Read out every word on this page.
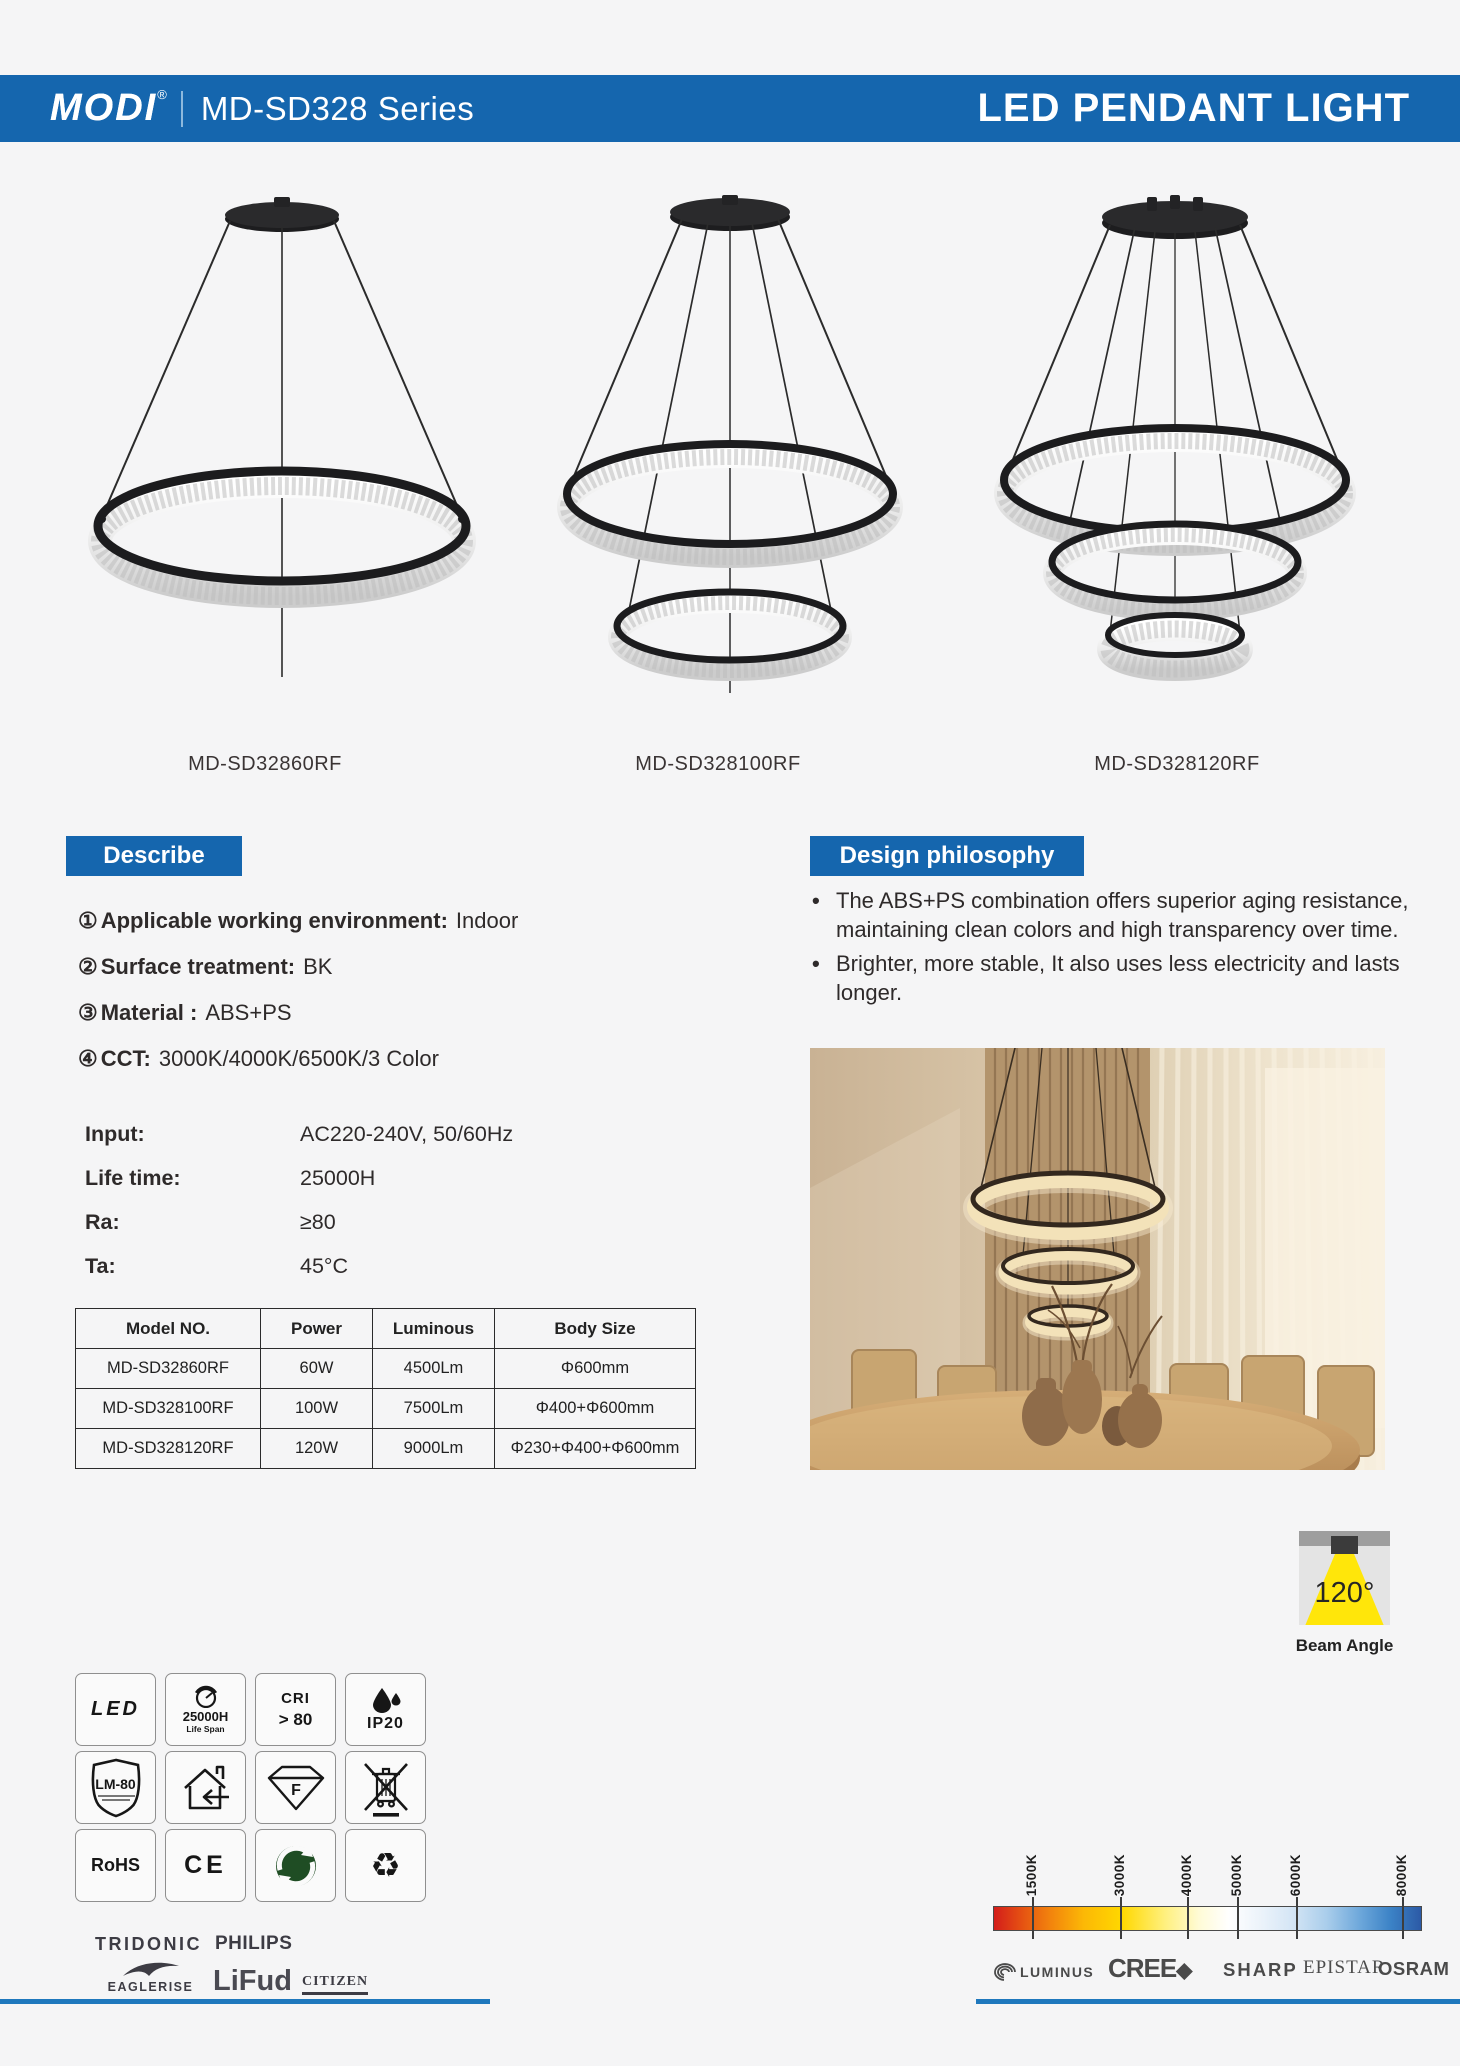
MODI ® MD-SD328 Series	LED PENDANT LIGHT
MD-SD32860RF	MD-SD328100RF	MD-SD328120RF
Describe
① Applicable working environment: Indoor
② Surface treatment: BK
③ Material : ABS+PS
④ CCT: 3000K/4000K/6500K/3 Color
Design philosophy
• The ABS+PS combination offers superior aging resistance, maintaining clean colors and high transparency over time.
• Brighter, more stable, It also uses less electricity and lasts longer.
Input:	AC220-240V, 50/60Hz
Life time:	25000H
Ra:	≥80
Ta:	45°C
Model NO.	Power	Luminous	Body Size
MD-SD32860RF	60W	4500Lm	Φ600mm
MD-SD328100RF	100W	7500Lm	Φ400+Φ600mm
MD-SD328120RF	120W	9000Lm	Φ230+Φ400+Φ600mm
120°
Beam Angle
LED	25000H
Life Span
CRI
> 80	IP20
LM-80	F
RoHS CE	♻
TRIDONIC PHILIPS
EAGLERISE LiFud CITIZEN
1500K	3000K	4000K	5000K	6000K	8000K
LUMINUS CREE◆ SHARP EPISTAR
OSRAM
